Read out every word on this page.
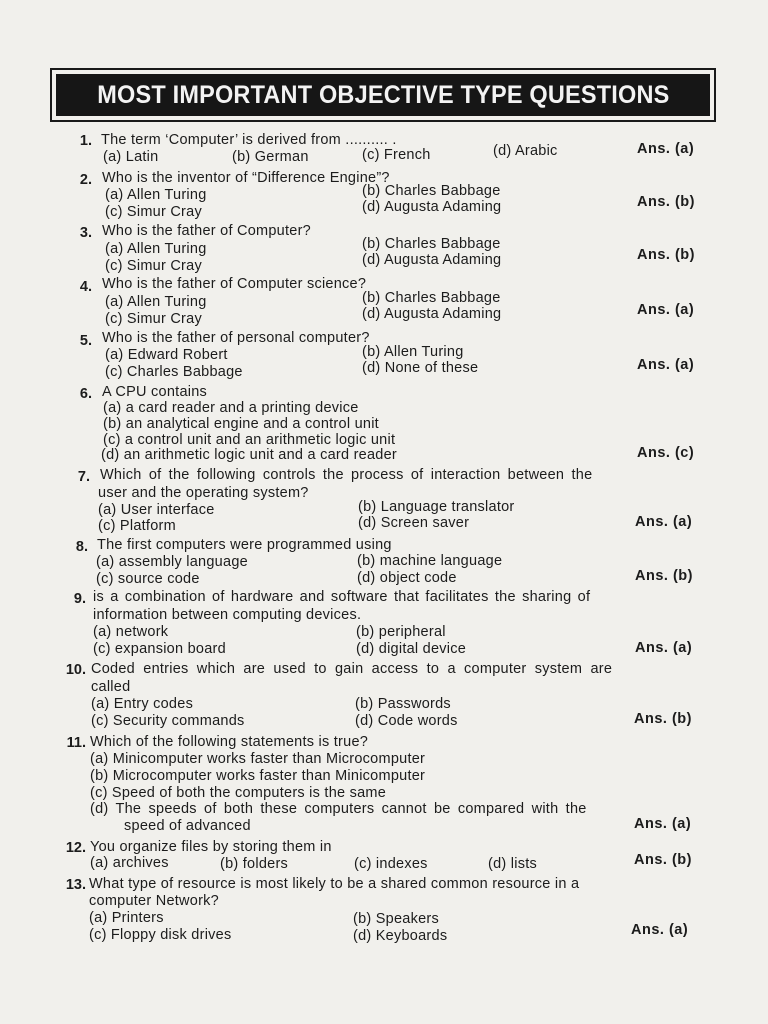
MOST IMPORTANT OBJECTIVE TYPE QUESTIONS
1. The term ‘Computer’ is derived from .......... .
(a) Latin	(b) German	(c) French	(d) Arabic	Ans. (a)
2. Who is the inventor of “Difference Engine”?
(a) Allen Turing	(b) Charles Babbage
(c) Simur Cray	(d) Augusta Adaming	Ans. (b)
3. Who is the father of Computer?
(a) Allen Turing	(b) Charles Babbage
(c) Simur Cray	(d) Augusta Adaming	Ans. (b)
4. Who is the father of Computer science?
(a) Allen Turing	(b) Charles Babbage
(c) Simur Cray	(d) Augusta Adaming	Ans. (a)
5. Who is the father of personal computer?
(a) Edward Robert	(b) Allen Turing
(c) Charles Babbage	(d) None of these	Ans. (a)
6. A CPU contains
(a) a card reader and a printing device
(b) an analytical engine and a control unit
(c) a control unit and an arithmetic logic unit
(d) an arithmetic logic unit and a card reader	Ans. (c)
7. Which of the following controls the process of interaction between the
user and the operating system?
(a) User interface	(b) Language translator
(c) Platform	(d) Screen saver	Ans. (a)
8. The first computers were programmed using
(a) assembly language	(b) machine language
(c) source code	(d) object code	Ans. (b)
9. is a combination of hardware and software that facilitates the sharing of
information between computing devices.
(a) network	(b) peripheral
(c) expansion board	(d) digital device	Ans. (a)
10. Coded entries which are used to gain access to a computer system are
called
(a) Entry codes	(b) Passwords
(c) Security commands	(d) Code words	Ans. (b)
11. Which of the following statements is true?
(a) Minicomputer works faster than Microcomputer
(b) Microcomputer works faster than Minicomputer
(c) Speed of both the computers is the same
(d) The speeds of both these computers cannot be compared with the
speed of advanced	Ans. (a)
12. You organize files by storing them in
(a) archives	(b) folders	(c) indexes	(d) lists	Ans. (b)
13. What type of resource is most likely to be a shared common resource in a
computer Network?
(a) Printers	(b) Speakers
(c) Floppy disk drives	(d) Keyboards	Ans. (a)
